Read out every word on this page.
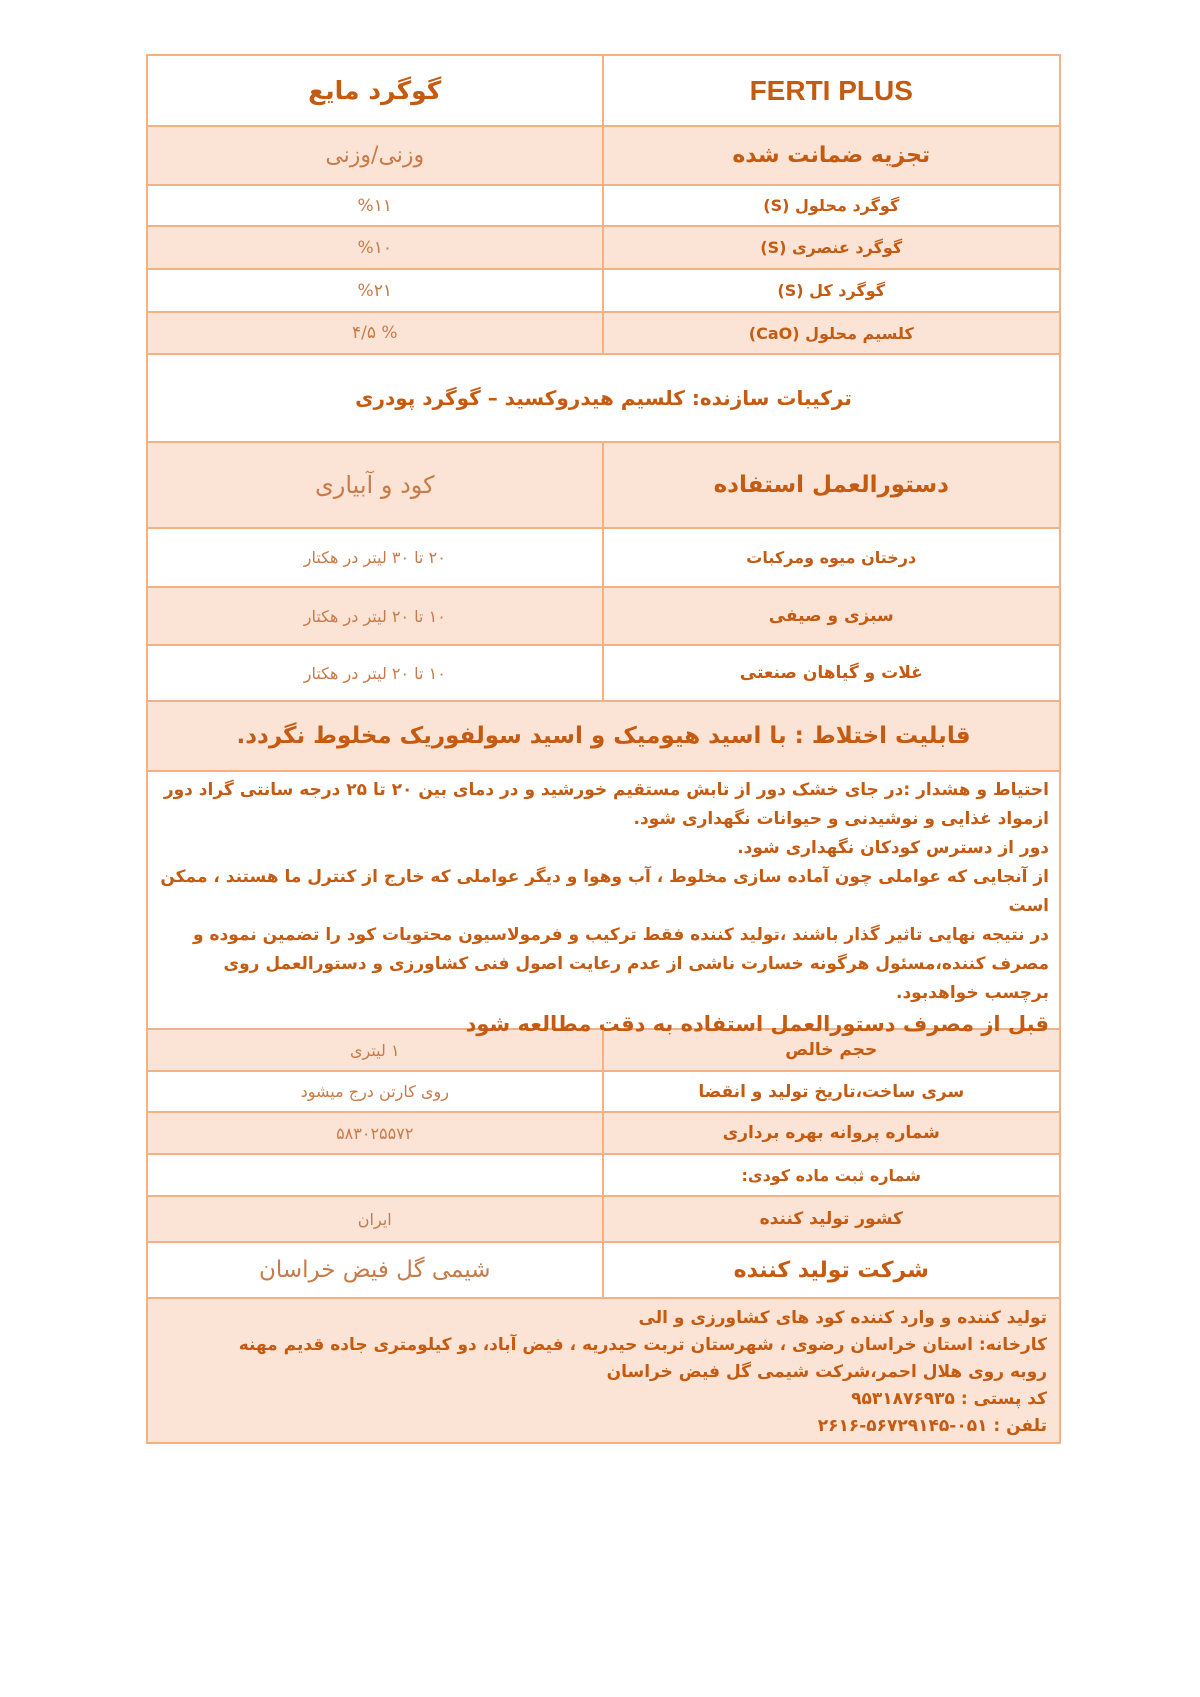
گوگرد مایع	FERTI PLUS
وزنی/وزنی	تجزیه ضمانت شده
%۱۱	گوگرد محلول (S)
%۱۰	گوگرد عنصری (S)
%۲۱	گوگرد کل (S)
% ۴/۵	کلسیم محلول (CaO)
ترکیبات سازنده: کلسیم هیدروکسید – گوگرد پودری
کود و آبیاری	دستورالعمل استفاده
۲۰ تا ۳۰ لیتر در هکتار	درختان میوه ومرکبات
۱۰ تا ۲۰ لیتر در هکتار	سبزی و صیفی
۱۰ تا ۲۰ لیتر در هکتار	غلات و گیاهان صنعتی
قابلیت اختلاط : با اسید هیومیک و اسید سولفوریک مخلوط نگردد.

احتیاط و هشدار :در جای خشک دور از تابش مستقیم خورشید و در دمای بین ۲۰ تا ۲۵ درجه سانتی گراد دور ازمواد غذایی و نوشیدنی و حیوانات نگهداری شود.

دور از دسترس کودکان نگهداری شود.

از آنجایی که عواملی چون آماده سازی مخلوط ، آب وهوا و دیگر عواملی که خارج از کنترل ما هستند ، ممکن است

در نتیجه نهایی تاثیر گذار باشند ،تولید کننده فقط ترکیب و فرمولاسیون محتویات کود را تضمین نموده و مصرف کننده،مسئول هرگونه خسارت ناشی از عدم رعایت اصول فنی کشاورزی و دستورالعمل روی برچسب خواهدبود.

قبل از مصرف دستورالعمل استفاده به دقت مطالعه شود

۱ لیتری	حجم خالص
روی کارتن درج میشود	سری ساخت،تاریخ تولید و انقضا
۵۸۳۰۲۵۵۷۲	شماره پروانه بهره برداری
شماره ثبت ماده کودی:
ایران	کشور تولید کننده
شیمی گل فیض خراسان	شرکت تولید کننده

تولید کننده و وارد کننده کود های کشاورزی و الی

کارخانه: استان خراسان رضوی ، شهرستان تربت حیدریه ، فیض آباد، دو کیلومتری جاده قدیم مهنه

روبه روی هلال احمر،شرکت شیمی گل فیض خراسان

کد پستی : ۹۵۳۱۸۷۶۹۳۵

تلفن : ۰۵۱-۵۶۷۲۹۱۴۵-۲۶۱۶
